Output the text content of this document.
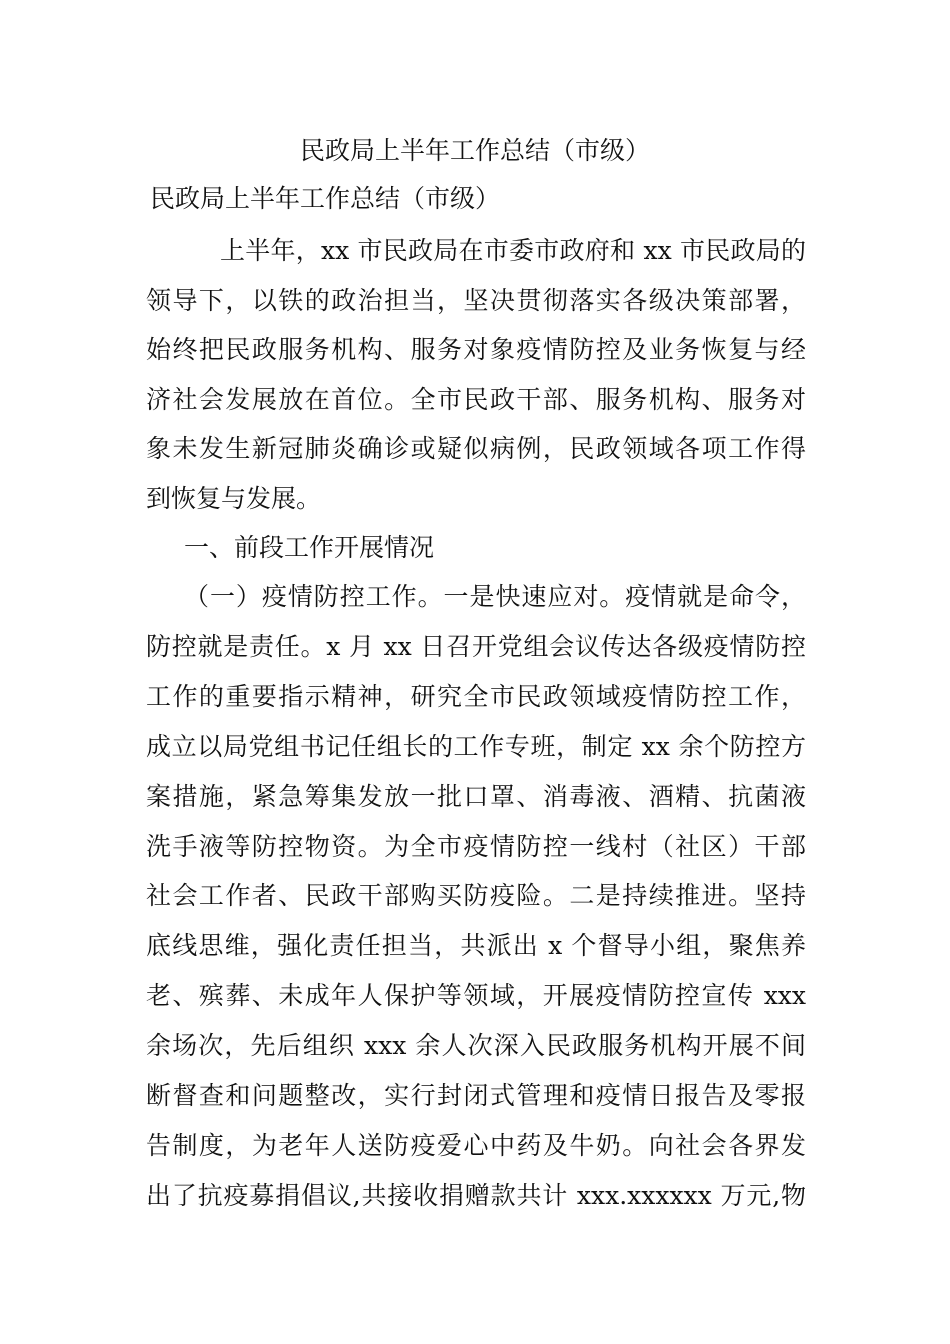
民政局上半年工作总结（市级）
民政局上半年工作总结（市级）
上半年，xx 市民政局在市委市政府和 xx 市民政局的
领导下，以铁的政治担当，坚决贯彻落实各级决策部署，
始终把民政服务机构、服务对象疫情防控及业务恢复与经
济社会发展放在首位。全市民政干部、服务机构、服务对
象未发生新冠肺炎确诊或疑似病例，民政领域各项工作得
到恢复与发展。
一、前段工作开展情况
（一）疫情防控工作。一是快速应对。疫情就是命令，
防控就是责任。x 月 xx 日召开党组会议传达各级疫情防控
工作的重要指示精神，研究全市民政领域疫情防控工作，
成立以局党组书记任组长的工作专班，制定 xx 余个防控方
案措施，紧急筹集发放一批口罩、消毒液、酒精、抗菌液
洗手液等防控物资。为全市疫情防控一线村（社区）干部
社会工作者、民政干部购买防疫险。二是持续推进。坚持
底线思维，强化责任担当，共派出 x 个督导小组，聚焦养
老、殡葬、未成年人保护等领域，开展疫情防控宣传 xxx
余场次，先后组织 xxx 余人次深入民政服务机构开展不间
断督查和问题整改，实行封闭式管理和疫情日报告及零报
告制度，为老年人送防疫爱心中药及牛奶。向社会各界发
出了抗疫募捐倡议,共接收捐赠款共计 xxx.xxxxxx 万元,物
